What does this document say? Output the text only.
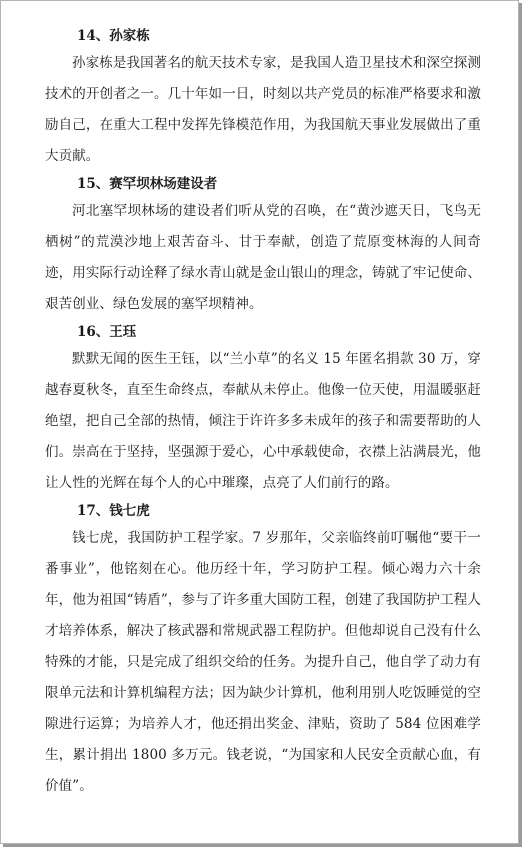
14、孙家栋

孙家栋是我国著名的航天技术专家，是我国人造卫星技术和深空探测技术的开创者之一。几十年如一日，时刻以共产党员的标准严格要求和激励自己，在重大工程中发挥先锋模范作用，为我国航天事业发展做出了重大贡献。

15、赛罕坝林场建设者

河北塞罕坝林场的建设者们听从党的召唤，在“黄沙遮天日，飞鸟无栖树”的荒漠沙地上艰苦奋斗、甘于奉献，创造了荒原变林海的人间奇迹，用实际行动诠释了绿水青山就是金山银山的理念，铸就了牢记使命、艰苦创业、绿色发展的塞罕坝精神。

16、王珏

默默无闻的医生王钰，以“兰小草”的名义 15 年匿名捐款 30 万，穿越春夏秋冬，直至生命终点，奉献从未停止。他像一位天使，用温暖驱赶绝望，把自己全部的热情，倾注于许许多多未成年的孩子和需要帮助的人们。崇高在于坚持，坚强源于爱心，心中承载使命，衣襟上沾满晨光，他让人性的光辉在每个人的心中璀璨，点亮了人们前行的路。

17、钱七虎

钱七虎，我国防护工程学家。7 岁那年，父亲临终前叮嘱他“要干一番事业”，他铭刻在心。他历经十年，学习防护工程。倾心竭力六十余年，他为祖国“铸盾”，参与了许多重大国防工程，创建了我国防护工程人才培养体系，解决了核武器和常规武器工程防护。但他却说自己没有什么特殊的才能，只是完成了组织交给的任务。为提升自己，他自学了动力有限单元法和计算机编程方法；因为缺少计算机，他利用别人吃饭睡觉的空隙进行运算；为培养人才，他还捐出奖金、津贴，资助了 584 位困难学生，累计捐出 1800 多万元。钱老说，“为国家和人民安全贡献心血，有价值”。
